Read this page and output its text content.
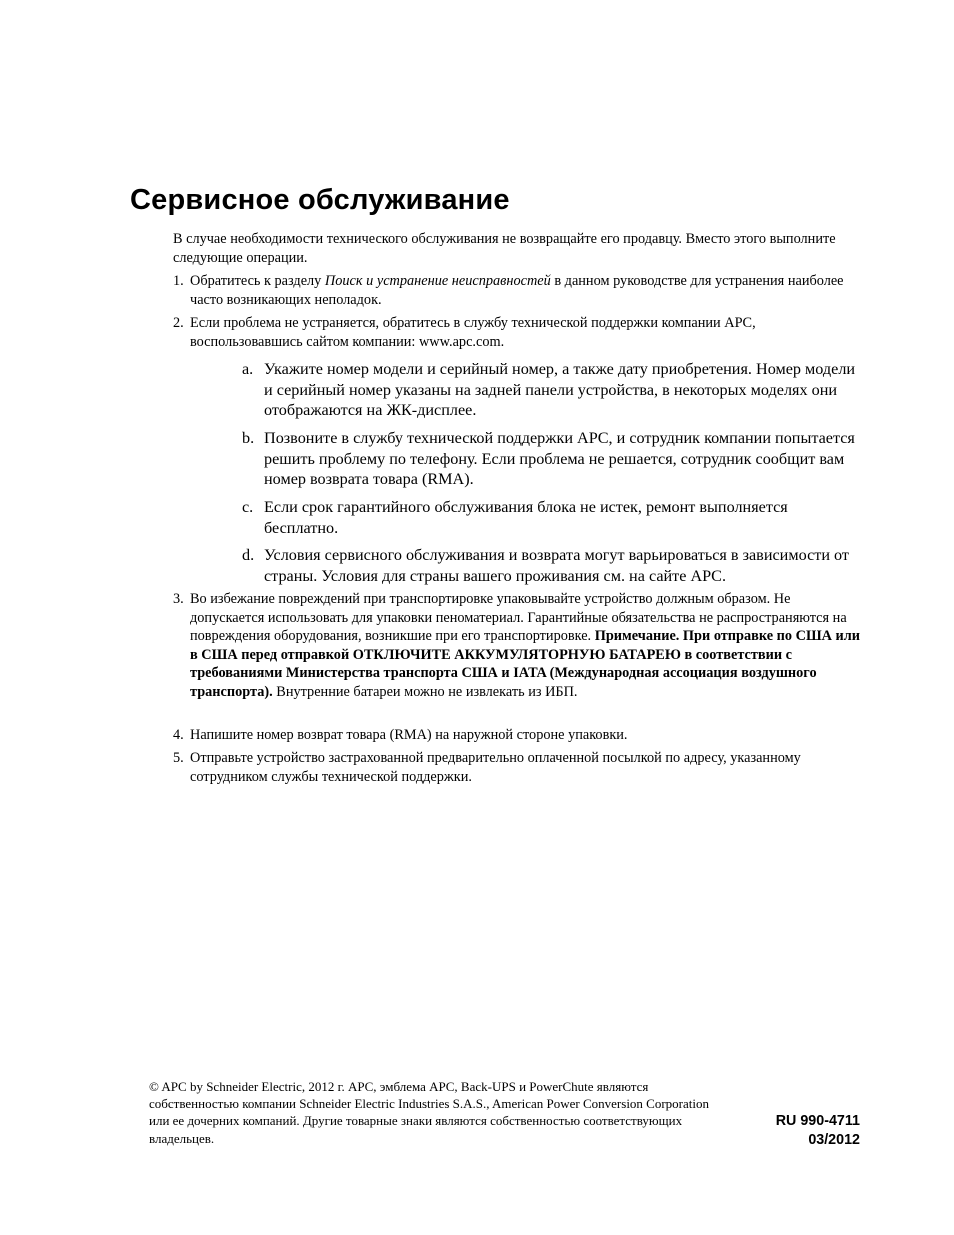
Сервисное обслуживание

В случае необходимости технического обслуживания не возвращайте его продавцу. Вместо этого выполните следующие операции.

1. Обратитесь к разделу Поиск и устранение неисправностей в данном руководстве для устранения наиболее часто возникающих неполадок.
2. Если проблема не устраняется, обратитесь в службу технической поддержки компании APC, воспользовавшись сайтом компании: www.apc.com.
a. Укажите номер модели и серийный номер, а также дату приобретения. Номер модели и серийный номер указаны на задней панели устройства, в некоторых моделях они отображаются на ЖК-дисплее.
b. Позвоните в службу технической поддержки APC, и сотрудник компании попытается решить проблему по телефону. Если проблема не решается, сотрудник сообщит вам номер возврата товара (RMA).
c. Если срок гарантийного обслуживания блока не истек, ремонт выполняется бесплатно.
d. Условия сервисного обслуживания и возврата могут варьироваться в зависимости от страны. Условия для страны вашего проживания см. на сайте APC.
3. Во избежание повреждений при транспортировке упаковывайте устройство должным образом. Не допускается использовать для упаковки пеноматериал. Гарантийные обязательства не распространяются на повреждения оборудования, возникшие при его транспортировке. Примечание. При отправке по США или в США перед отправкой ОТКЛЮЧИТЕ АККУМУЛЯТОРНУЮ БАТАРЕЮ в соответствии с требованиями Министерства транспорта США и IATA (Международная ассоциация воздушного транспорта). Внутренние батареи можно не извлекать из ИБП.
4. Напишите номер возврат товара (RMA) на наружной стороне упаковки.
5. Отправьте устройство застрахованной предварительно оплаченной посылкой по адресу, указанному сотрудником службы технической поддержки.

© APC by Schneider Electric, 2012 г. APC, эмблема APC, Back-UPS и PowerChute являются собственностью компании Schneider Electric Industries S.A.S., American Power Conversion Corporation или ее дочерних компаний. Другие товарные знаки являются собственностью соответствующих владельцев.

RU 990-4711
03/2012
